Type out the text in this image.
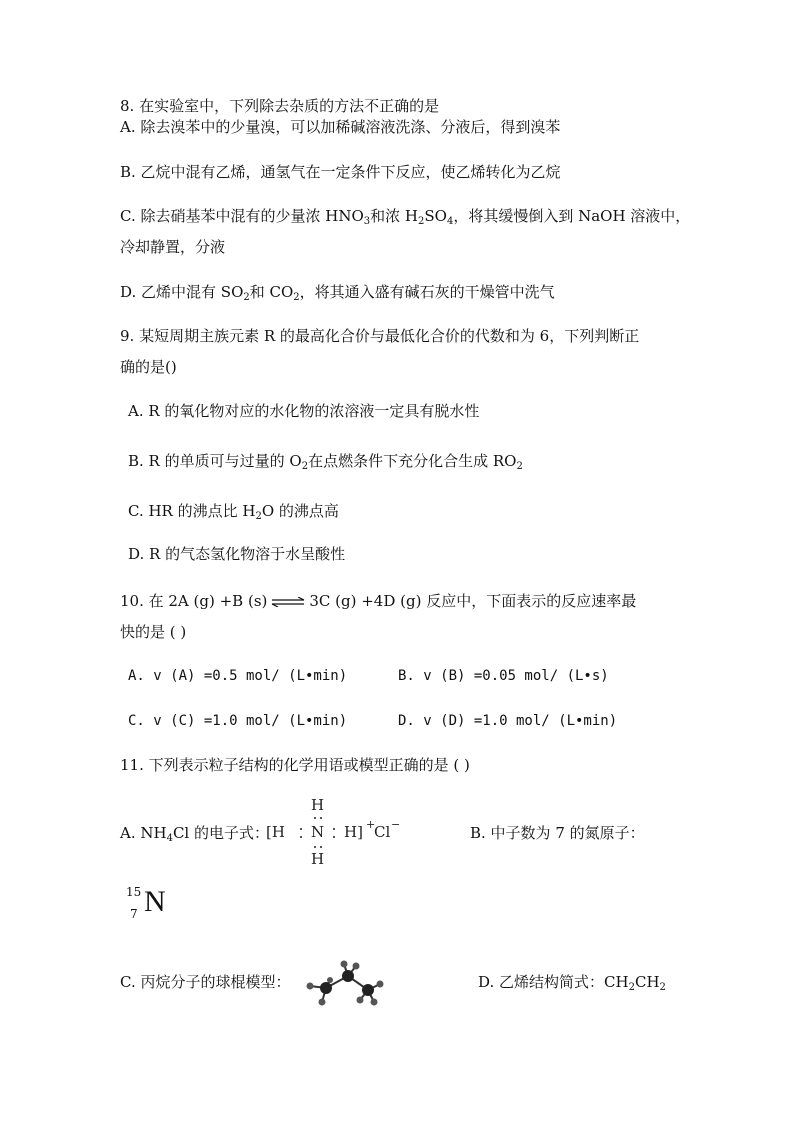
8. 在实验室中，下列除去杂质的方法不正确的是
A. 除去溴苯中的少量溴，可以加稀碱溶液洗涤、分液后，得到溴苯
B. 乙烷中混有乙烯，通氢气在一定条件下反应，使乙烯转化为乙烷
C. 除去硝基苯中混有的少量浓 $HNO_3$和浓 $H_2SO_4$，将其缓慢倒入到 NaOH 溶液中，
冷却静置，分液
D. 乙烯中混有 $SO_2$和 $CO_2$，将其通入盛有碱石灰的干燥管中洗气
9. 某短周期主族元素 R 的最高化合价与最低化合价的代数和为 6，下列判断正
确的是()
A. R 的氧化物对应的水化物的浓溶液一定具有脱水性
B. R 的单质可与过量的 $O_2$在点燃条件下充分化合生成 $RO_2$
C. HR 的沸点比 $H_2O$ 的沸点高
D. R 的气态氢化物溶于水呈酸性
10. 在 2A (g) +B (s) ⇌ 3C (g) +4D (g) 反应中，下面表示的反应速率最
快的是 ( )
A. v (A) =0.5 mol/ (L•min)	B. v (B) =0.05 mol/ (L•s)
C. v (C) =1.0 mol/ (L•min)	D. v (D) =1.0 mol/ (L•min)
11. 下列表示粒子结构的化学用语或模型正确的是 ( )
A. $NH_4Cl$ 的电子式：
H
[H N H] +
Cl −
H
B. 中子数为 7 的氮原子：
15
7 N
C. 丙烷分子的球棍模型：	D. 乙烯结构简式：$CH_2CH_2$
